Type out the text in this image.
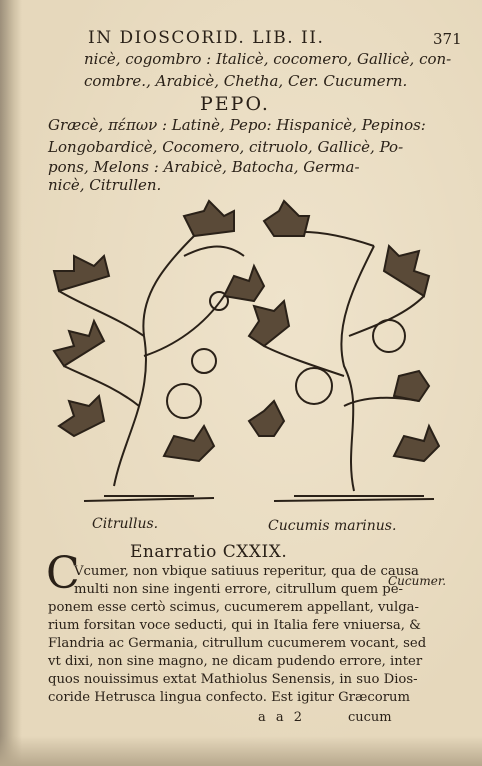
IN DIOSCORID. LIB. II.	371
nicè, cogombro : Italicè, cocomero, Gallicè, con-
combre., Arabicè, Chetha, Cer. Cucumern.
PEPO.
Græcè, πέπων : Latinè, Pepo: Hispanicè, Pepinos:
Longobardicè, Cocomero, citruolo, Gallicè, Po-
pons, Melons : Arabicè, Batocha, Germa-
nicè, Citrullen.
Citrullus.	Cucumis marinus.
Enarratio CXXIX.
Cucumer.
C
Vcumer, non vbique satiuus reperitur, qua de causa
multi non sine ingenti errore, citrullum quem pe-
ponem esse certò scimus, cucumerem appellant, vulga-
rium forsitan voce seducti, qui in Italia fere vniuersa, &
Flandria ac Germania, citrullum cucumerem vocant, sed
vt dixi, non sine magno, ne dicam pudendo errore, inter
quos nouissimus extat Mathiolus Senensis, in suo Dios-
coride Hetrusca lingua confecto. Est igitur Græcorum
a a 2	cucum
